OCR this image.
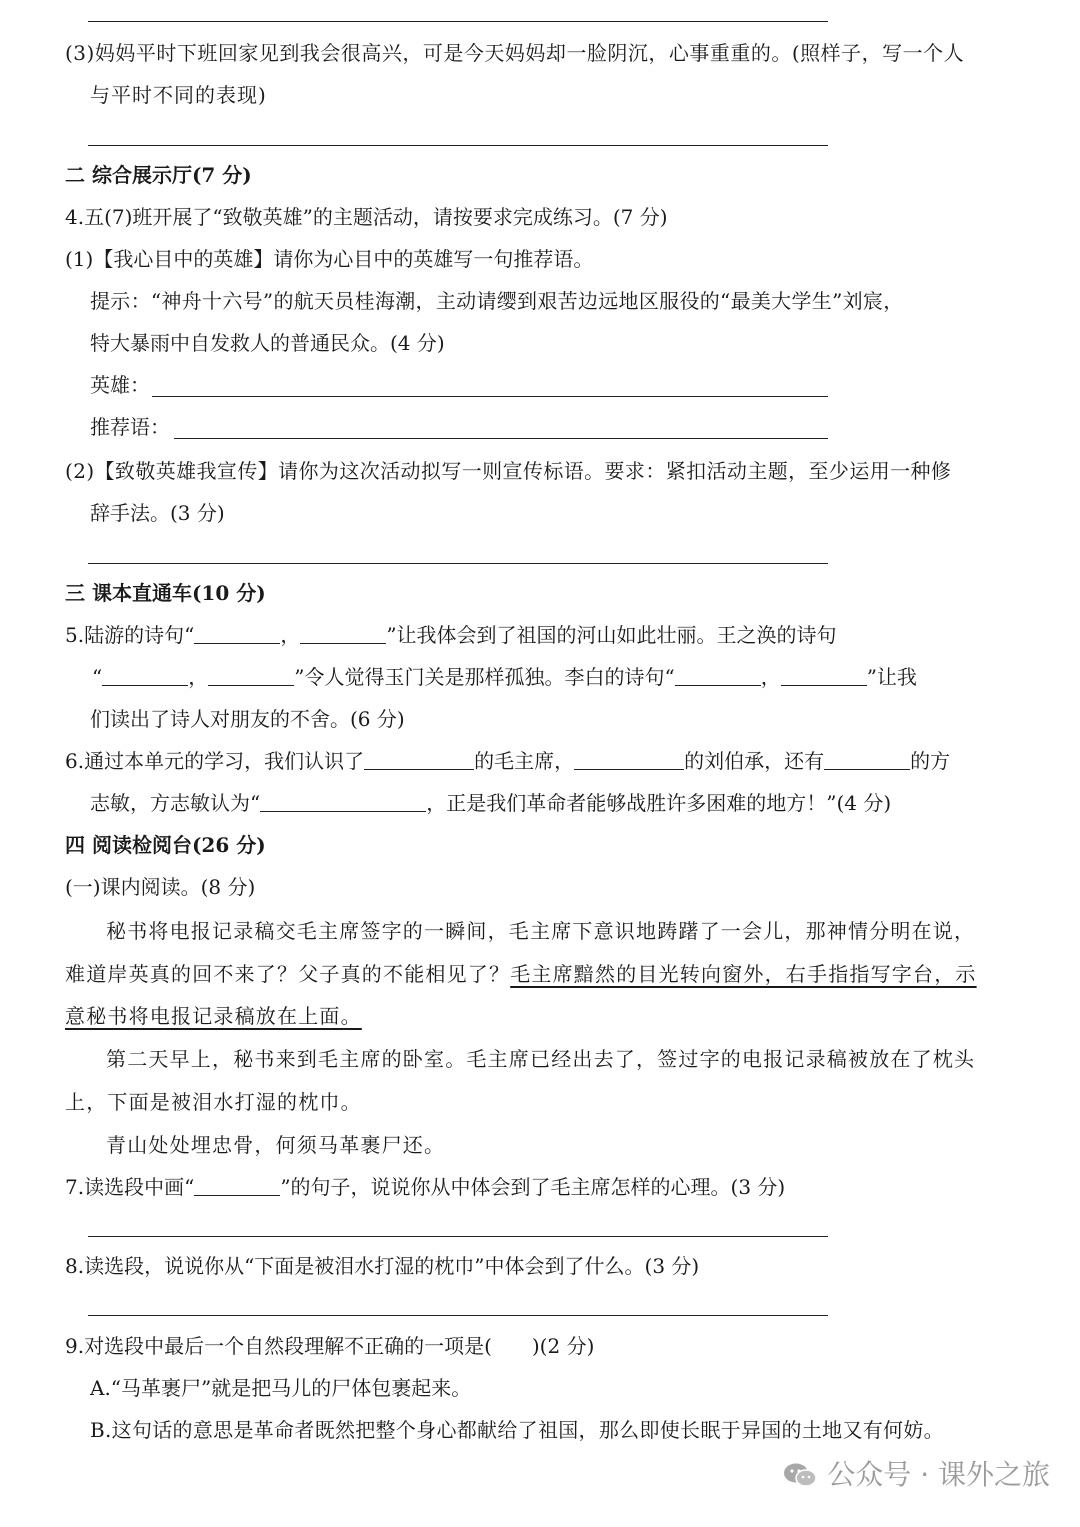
(3)妈妈平时下班回家见到我会很高兴，可是今天妈妈却一脸阴沉，心事重重的。(照样子，写一个人
与平时不同的表现)
二 综合展示厅(7 分)
4.五(7)班开展了“致敬英雄”的主题活动，请按要求完成练习。(7 分)
(1)【我心目中的英雄】请你为心目中的英雄写一句推荐语。
提示：“神舟十六号”的航天员桂海潮，主动请缨到艰苦边远地区服役的“最美大学生”刘宸，
特大暴雨中自发救人的普通民众。(4 分)
英雄：
推荐语：
(2)【致敬英雄我宣传】请你为这次活动拟写一则宣传标语。要求：紧扣活动主题，至少运用一种修
辞手法。(3 分)
三 课本直通车(10 分)
5.陆游的诗句“	，	”让我体会到了祖国的河山如此壮丽。王之涣的诗句
“	，	”令人觉得玉门关是那样孤独。李白的诗句“	，	”让我
们读出了诗人对朋友的不舍。(6 分)
6.通过本单元的学习，我们认识了	的毛主席，	的刘伯承，还有	的方
志敏，方志敏认为“	，正是我们革命者能够战胜许多困难的地方！”(4 分)
四 阅读检阅台(26 分)
(一)课内阅读。(8 分)
秘书将电报记录稿交毛主席签字的一瞬间，毛主席下意识地踌躇了一会儿，那神情分明在说，
难道岸英真的回不来了？父子真的不能相见了？毛主席黯然的目光转向窗外，右手指指写字台，示
意秘书将电报记录稿放在上面。
第二天早上，秘书来到毛主席的卧室。毛主席已经出去了，签过字的电报记录稿被放在了枕头
上，下面是被泪水打湿的枕巾。
青山处处埋忠骨，何须马革裹尸还。
7.读选段中画“	”的句子，说说你从中体会到了毛主席怎样的心理。(3 分)
8.读选段，说说你从“下面是被泪水打湿的枕巾”中体会到了什么。(3 分)
9.对选段中最后一个自然段理解不正确的一项是(  )(2 分)
A.“马革裹尸”就是把马儿的尸体包裹起来。
B.这句话的意思是革命者既然把整个身心都献给了祖国，那么即使长眠于异国的土地又有何妨。
公众号 · 课外之旅
